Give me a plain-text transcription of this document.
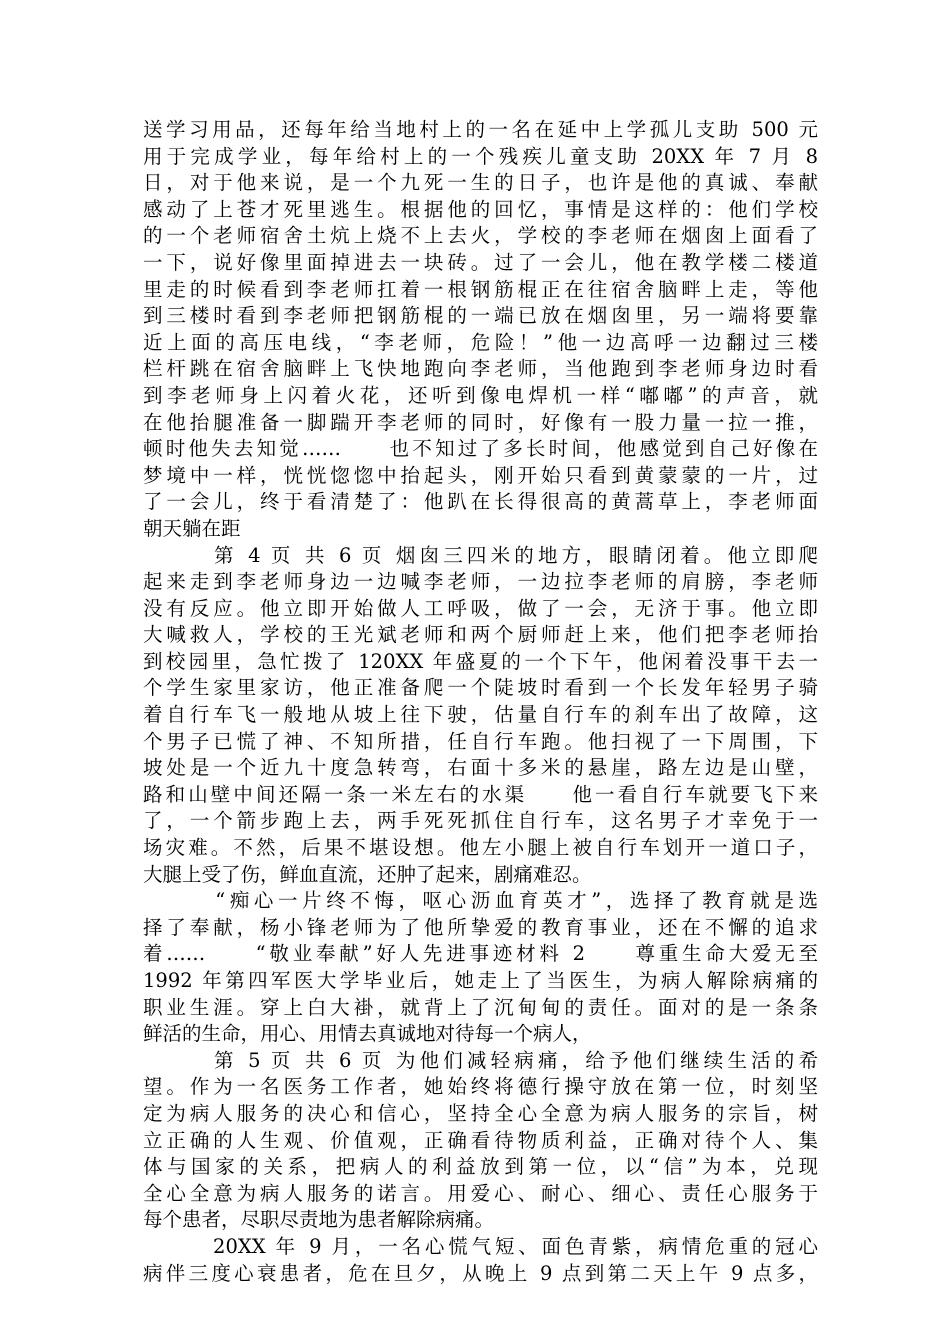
送学习用品，还每年给当地村上的一名在延中上学孤儿支助 500 元
用于完成学业，每年给村上的一个残疾儿童支助 20XX 年 7 月 8
日，对于他来说，是一个九死一生的日子，也许是他的真诚、奉献
感动了上苍才死里逃生。根据他的回忆，事情是这样的：他们学校
的一个老师宿舍土炕上烧不上去火，学校的李老师在烟囱上面看了
一下，说好像里面掉进去一块砖。过了一会儿，他在教学楼二楼道
里走的时候看到李老师扛着一根钢筋棍正在往宿舍脑畔上走，等他
到三楼时看到李老师把钢筋棍的一端已放在烟囱里，另一端将要靠
近上面的高压电线，“李老师，危险！”他一边高呼一边翻过三楼
栏杆跳在宿舍脑畔上飞快地跑向李老师，当他跑到李老师身边时看
到李老师身上闪着火花，还听到像电焊机一样“嘟嘟”的声音，就
在他抬腿准备一脚踹开李老师的同时，好像有一股力量一拉一推，
顿时他失去知觉……　　也不知过了多长时间，他感觉到自己好像在
梦境中一样，恍恍惚惚中抬起头，刚开始只看到黄蒙蒙的一片，过
了一会儿，终于看清楚了：他趴在长得很高的黄蒿草上，李老师面
朝天躺在距
　　　第 4 页 共 6 页 烟囱三四米的地方，眼睛闭着。他立即爬
起来走到李老师身边一边喊李老师，一边拉李老师的肩膀，李老师
没有反应。他立即开始做人工呼吸，做了一会，无济于事。他立即
大喊救人，学校的王光斌老师和两个厨师赶上来，他们把李老师抬
到校园里，急忙拨了 120XX 年盛夏的一个下午，他闲着没事干去一
个学生家里家访，他正准备爬一个陡坡时看到一个长发年轻男子骑
着自行车飞一般地从坡上往下驶，估量自行车的刹车出了故障，这
个男子已慌了神、不知所措，任自行车跑。他扫视了一下周围，下
坡处是一个近九十度急转弯，右面十多米的悬崖，路左边是山壁，
路和山壁中间还隔一条一米左右的水渠　　他一看自行车就要飞下来
了，一个箭步跑上去，两手死死抓住自行车，这名男子才幸免于一
场灾难。不然，后果不堪设想。他左小腿上被自行车划开一道口子，
大腿上受了伤，鲜血直流，还肿了起来，剧痛难忍。
　　　“痴心一片终不悔，呕心沥血育英才”，选择了教育就是选
择了奉献，杨小锋老师为了他所挚爱的教育事业，还在不懈的追求
着……　　“敬业奉献”好人先进事迹材料 2　　尊重生命大爱无至
1992 年第四军医大学毕业后，她走上了当医生，为病人解除病痛的
职业生涯。穿上白大褂，就背上了沉甸甸的责任。面对的是一条条
鲜活的生命，用心、用情去真诚地对待每一个病人，
　　　第 5 页 共 6 页 为他们减轻病痛，给予他们继续生活的希
望。作为一名医务工作者，她始终将德行操守放在第一位，时刻坚
定为病人服务的决心和信心，坚持全心全意为病人服务的宗旨，树
立正确的人生观、价值观，正确看待物质利益，正确对待个人、集
体与国家的关系，把病人的利益放到第一位，以“信”为本，兑现
全心全意为病人服务的诺言。用爱心、耐心、细心、责任心服务于
每个患者，尽职尽责地为患者解除病痛。
　　　20XX 年 9 月，一名心慌气短、面色青紫，病情危重的冠心
病伴三度心衰患者，危在旦夕，从晚上 9 点到第二天上午 9 点多，
